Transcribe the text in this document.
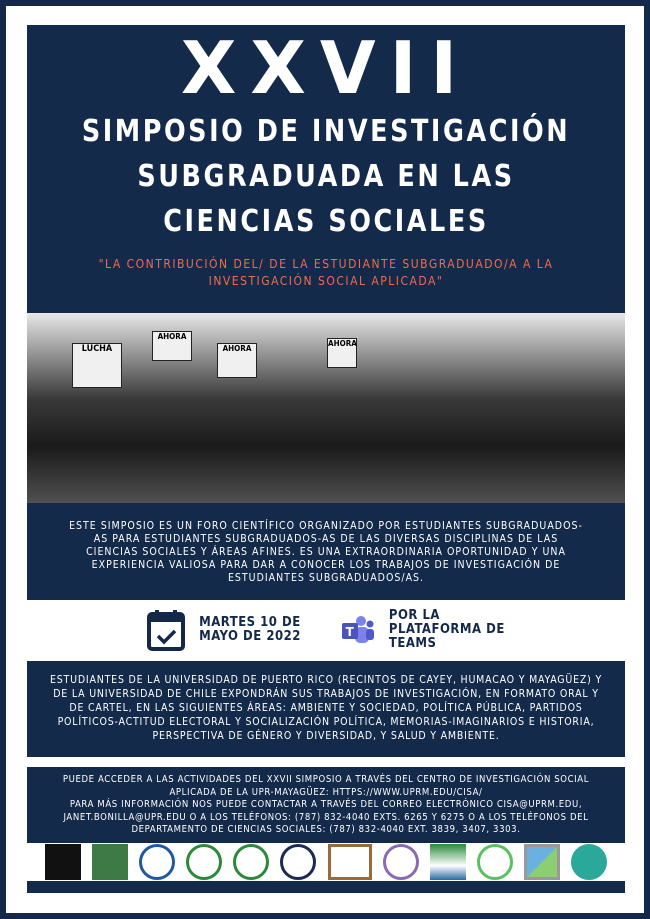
XXVII
SIMPOSIO DE INVESTIGACIÓN
SUBGRADUADA EN LAS
CIENCIAS SOCIALES
"LA CONTRIBUCIÓN DEL/ DE LA ESTUDIANTE SUBGRADUADO/A A LA INVESTIGACIÓN SOCIAL APLICADA"
LUCHA
AHORA
AHORA
AHORA
ESTE SIMPOSIO ES UN FORO CIENTÍFICO ORGANIZADO POR ESTUDIANTES SUBGRADUADOS-AS PARA ESTUDIANTES SUBGRADUADOS-AS DE LAS DIVERSAS DISCIPLINAS DE LAS CIENCIAS SOCIALES Y ÁREAS AFINES. ES UNA EXTRAORDINARIA OPORTUNIDAD Y UNA EXPERIENCIA VALIOSA PARA DAR A CONOCER LOS TRABAJOS DE INVESTIGACIÓN DE ESTUDIANTES SUBGRADUADOS/AS.
MARTES 10 DE
MAYO DE 2022	T
POR LA
PLATAFORMA DE
TEAMS
ESTUDIANTES DE LA UNIVERSIDAD DE PUERTO RICO (RECINTOS DE CAYEY, HUMACAO Y MAYAGÜEZ) Y DE LA UNIVERSIDAD DE CHILE EXPONDRÁN SUS TRABAJOS DE INVESTIGACIÓN, EN FORMATO ORAL Y DE CARTEL, EN LAS SIGUIENTES ÁREAS: AMBIENTE Y SOCIEDAD, POLÍTICA PÚBLICA, PARTIDOS POLÍTICOS-ACTITUD ELECTORAL Y SOCIALIZACIÓN POLÍTICA, MEMORIAS-IMAGINARIOS E HISTORIA, PERSPECTIVA DE GÉNERO Y DIVERSIDAD, Y SALUD Y AMBIENTE.
PUEDE ACCEDER A LAS ACTIVIDADES DEL XXVII SIMPOSIO A TRAVÉS DEL CENTRO DE INVESTIGACIÓN SOCIAL APLICADA DE LA UPR-MAYAGÜEZ: HTTPS://WWW.UPRM.EDU/CISA/
PARA MÁS INFORMACIÓN NOS PUEDE CONTACTAR A TRAVÉS DEL CORREO ELECTRÓNICO CISA@UPRM.EDU, JANET.BONILLA@UPR.EDU O A LOS TELÉFONOS: (787) 832-4040 EXTS. 6265 Y 6275 O A LOS TELÉFONOS DEL DEPARTAMENTO DE CIENCIAS SOCIALES: (787) 832-4040 EXT. 3839, 3407, 3303.
